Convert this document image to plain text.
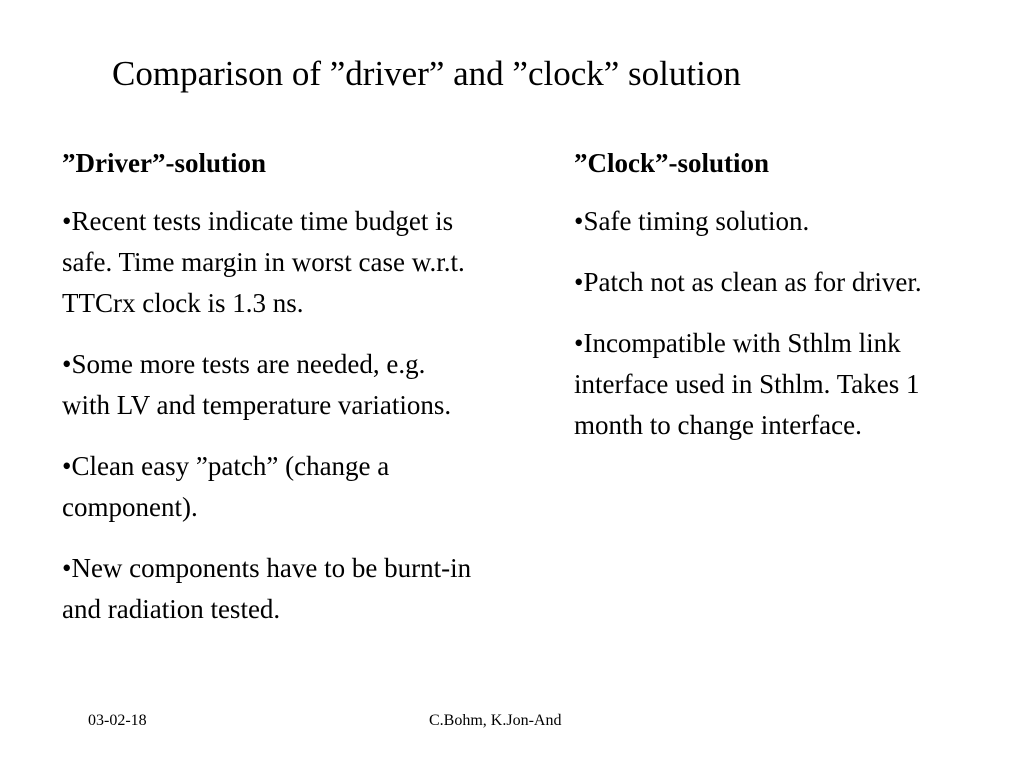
Comparison of ”driver” and ”clock” solution
”Driver”-solution
• Recent tests indicate time budget is safe. Time margin in worst case w.r.t. TTCrx clock is 1.3 ns.
• Some more tests are needed, e.g. with LV and temperature variations.
• Clean easy ”patch” (change a component).
• New components have to be burnt-in and radiation tested.
”Clock”-solution
• Safe timing solution.
• Patch not as clean as for driver.
• Incompatible with Sthlm link interface used in Sthlm. Takes 1 month to change interface.
03-02-18	C.Bohm, K.Jon-And
